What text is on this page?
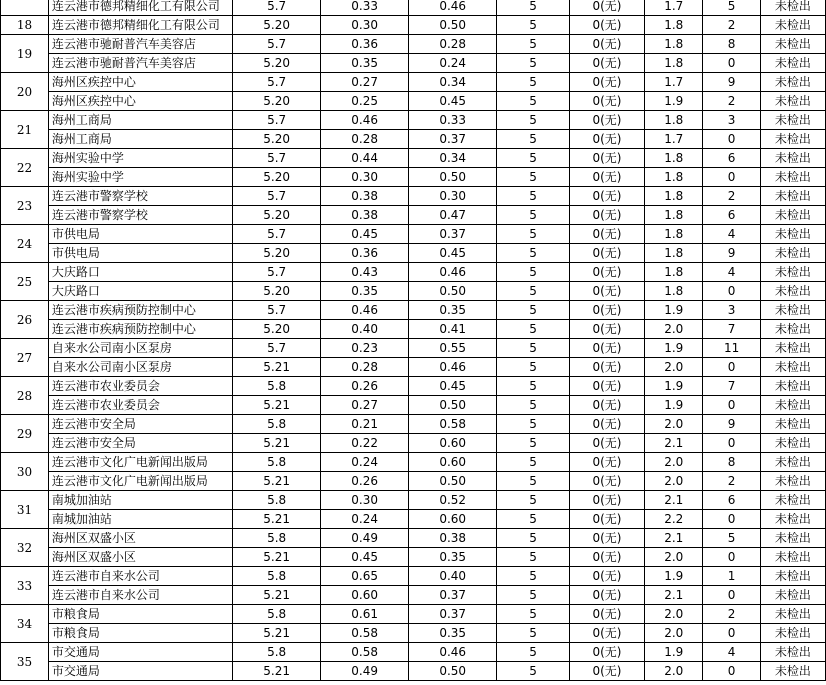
	连云港市德邦精细化工有限公司	5.7	0.33	0.46	5	0(无)	1.7	5	未检出
18	连云港市德邦精细化工有限公司	5.20	0.30	0.50	5	0(无)	1.8	2	未检出
19	连云港市驰耐普汽车美容店	5.7	0.36	0.28	5	0(无)	1.8	8	未检出
	连云港市驰耐普汽车美容店	5.20	0.35	0.24	5	0(无)	1.8	0	未检出
20	海州区疾控中心	5.7	0.27	0.34	5	0(无)	1.7	9	未检出
	海州区疾控中心	5.20	0.25	0.45	5	0(无)	1.9	2	未检出
21	海州工商局	5.7	0.46	0.33	5	0(无)	1.8	3	未检出
	海州工商局	5.20	0.28	0.37	5	0(无)	1.7	0	未检出
22	海州实验中学	5.7	0.44	0.34	5	0(无)	1.8	6	未检出
	海州实验中学	5.20	0.30	0.50	5	0(无)	1.8	0	未检出
23	连云港市警察学校	5.7	0.38	0.30	5	0(无)	1.8	2	未检出
	连云港市警察学校	5.20	0.38	0.47	5	0(无)	1.8	6	未检出
24	市供电局	5.7	0.45	0.37	5	0(无)	1.8	4	未检出
	市供电局	5.20	0.36	0.45	5	0(无)	1.8	9	未检出
25	大庆路口	5.7	0.43	0.46	5	0(无)	1.8	4	未检出
	大庆路口	5.20	0.35	0.50	5	0(无)	1.8	0	未检出
26	连云港市疾病预防控制中心	5.7	0.46	0.35	5	0(无)	1.9	3	未检出
	连云港市疾病预防控制中心	5.20	0.40	0.41	5	0(无)	2.0	7	未检出
27	自来水公司南小区泵房	5.7	0.23	0.55	5	0(无)	1.9	11	未检出
	自来水公司南小区泵房	5.21	0.28	0.46	5	0(无)	2.0	0	未检出
28	连云港市农业委员会	5.8	0.26	0.45	5	0(无)	1.9	7	未检出
	连云港市农业委员会	5.21	0.27	0.50	5	0(无)	1.9	0	未检出
29	连云港市安全局	5.8	0.21	0.58	5	0(无)	2.0	9	未检出
	连云港市安全局	5.21	0.22	0.60	5	0(无)	2.1	0	未检出
30	连云港市文化广电新闻出版局	5.8	0.24	0.60	5	0(无)	2.0	8	未检出
	连云港市文化广电新闻出版局	5.21	0.26	0.50	5	0(无)	2.0	2	未检出
31	南城加油站	5.8	0.30	0.52	5	0(无)	2.1	6	未检出
	南城加油站	5.21	0.24	0.60	5	0(无)	2.2	0	未检出
32	海州区双盛小区	5.8	0.49	0.38	5	0(无)	2.1	5	未检出
	海州区双盛小区	5.21	0.45	0.35	5	0(无)	2.0	0	未检出
33	连云港市自来水公司	5.8	0.65	0.40	5	0(无)	1.9	1	未检出
	连云港市自来水公司	5.21	0.60	0.37	5	0(无)	2.1	0	未检出
34	市粮食局	5.8	0.61	0.37	5	0(无)	2.0	2	未检出
	市粮食局	5.21	0.58	0.35	5	0(无)	2.0	0	未检出
35	市交通局	5.8	0.58	0.46	5	0(无)	1.9	4	未检出
	市交通局	5.21	0.49	0.50	5	0(无)	2.0	0	未检出
